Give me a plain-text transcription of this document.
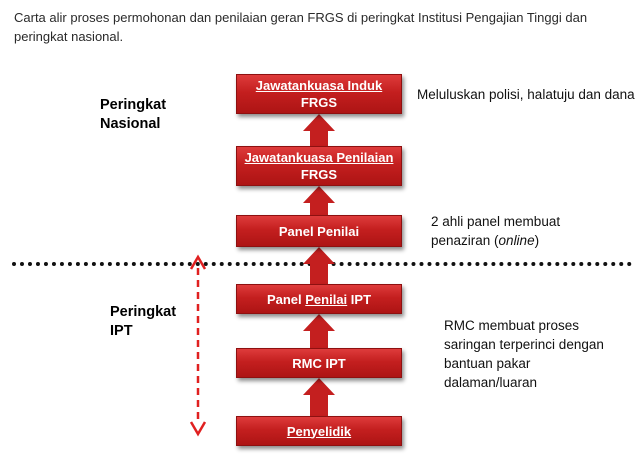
Carta alir proses permohonan dan penilaian geran FRGS di peringkat Institusi Pengajian Tinggi dan peringkat nasional.
Peringkat
Nasional
Peringkat
IPT
Jawatankuasa Induk
FRGS
Jawatankuasa Penilaian
FRGS
Panel Penilai
Panel Penilai IPT
RMC IPT
Penyelidik
Meluluskan polisi, halatuju dan dana
2 ahli panel membuat
penaziran (online)
RMC membuat proses
saringan terperinci dengan
bantuan pakar
dalaman/luaran
